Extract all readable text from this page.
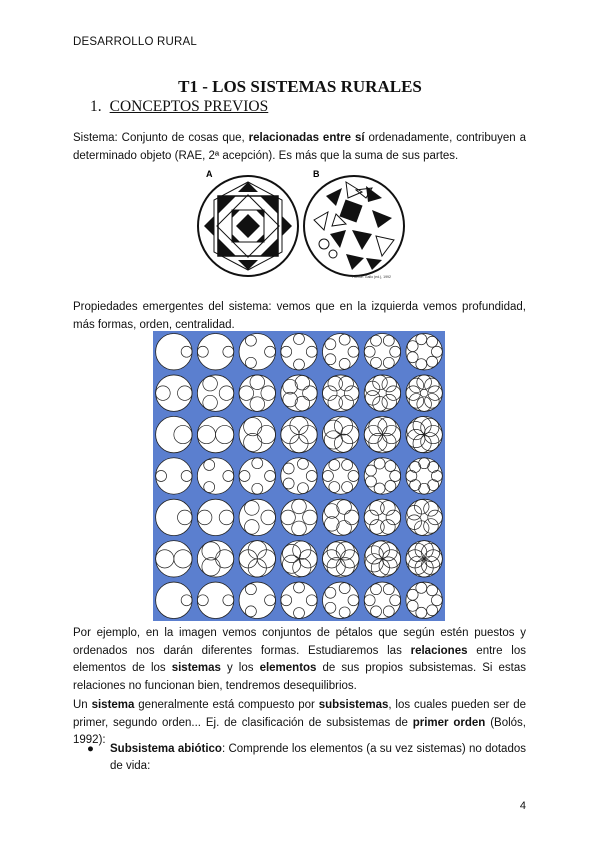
DESARROLLO RURAL
T1 - LOS SISTEMAS RURALES
1. CONCEPTOS PREVIOS
Sistema: Conjunto de cosas que, relacionadas entre sí ordenadamente, contribuyen a determinado objeto (RAE, 2ª acepción). Es más que la suma de sus partes.
A	B
Fuente: Gallo (ed.), 1992
Propiedades emergentes del sistema: vemos que en la izquierda vemos profundidad, más formas, orden, centralidad.
Por ejemplo, en la imagen vemos conjuntos de pétalos que según estén puestos y ordenados nos darán diferentes formas. Estudiaremos las relaciones entre los elementos de los sistemas y los elementos de sus propios subsistemas. Si estas relaciones no funcionan bien, tendremos desequilibrios.
Un sistema generalmente está compuesto por subsistemas, los cuales pueden ser de primer, segundo orden... Ej. de clasificación de subsistemas de primer orden (Bolós, 1992):
●	Subsistema abiótico: Comprende los elementos (a su vez sistemas) no dotados de vida:
4
